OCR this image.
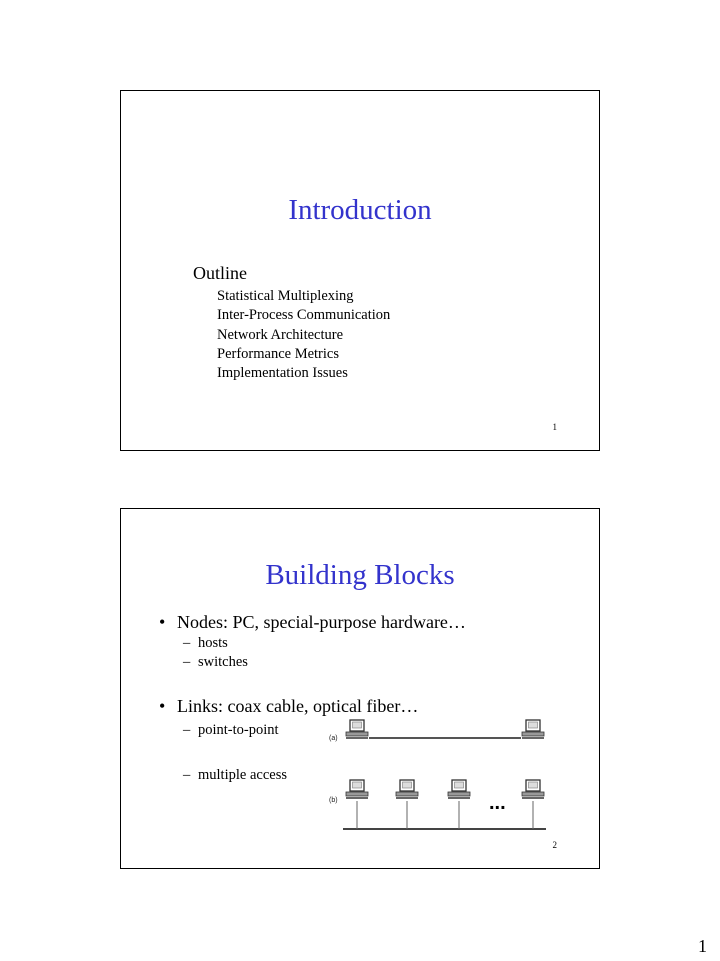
Introduction
Outline
Statistical Multiplexing
Inter-Process Communication
Network Architecture
Performance Metrics
Implementation Issues
1
Building Blocks
• Nodes: PC, special-purpose hardware…
– hosts
– switches
• Links: coax cable, optical fiber…
– point-to-point
– multiple access
(a)
(b)	...
2
1
